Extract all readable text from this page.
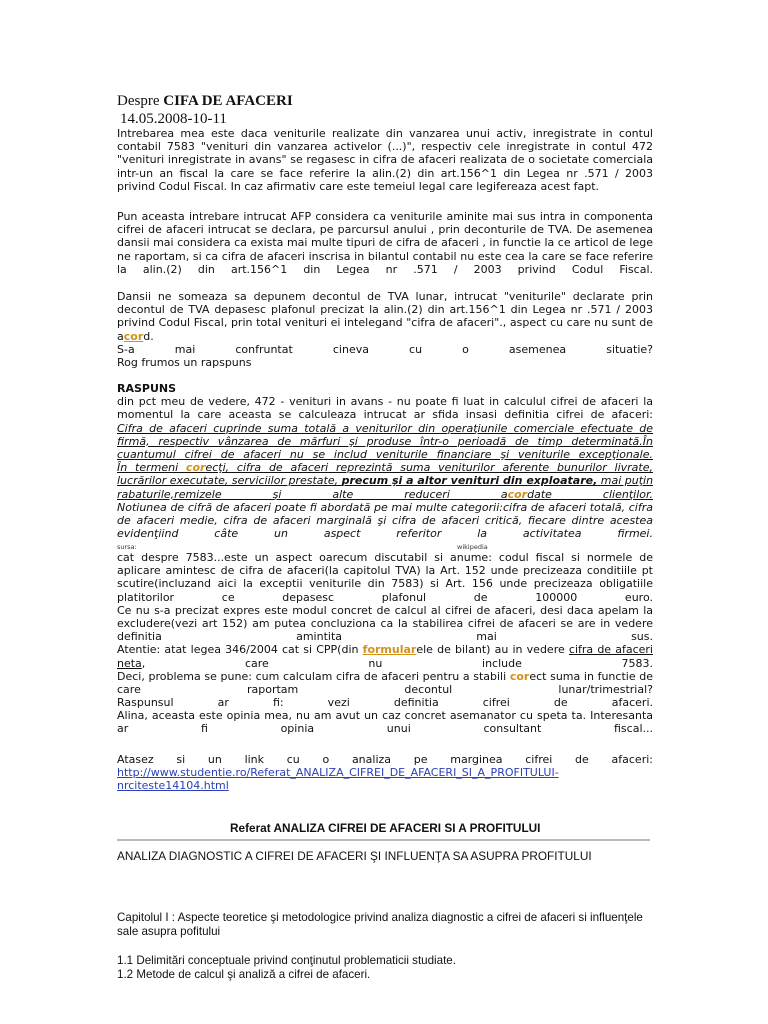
Despre CIFA DE AFACERI
14.05.2008-10-11
Intrebarea mea este daca veniturile realizate din vanzarea unui activ, inregistrate in contul
contabil 7583 "venituri din vanzarea activelor (...)", respectiv cele inregistrate in contul 472
"venituri inregistrate in avans" se regasesc in cifra de afaceri realizata de o societate comerciala
intr-un an fiscal la care se face referire la alin.(2) din art.156^1 din Legea nr .571 / 2003
privind Codul Fiscal. In caz afirmativ care este temeiul legal care legifereaza acest fapt.
Pun aceasta intrebare intrucat AFP considera ca veniturile aminite mai sus intra in componenta
cifrei de afaceri intrucat se declara, pe parcursul anului , prin deconturile de TVA. De asemenea
dansii mai considera ca exista mai multe tipuri de cifra de afaceri , in functie la ce articol de lege
ne raportam, si ca cifra de afaceri inscrisa in bilantul contabil nu este cea la care se face referire
la alin.(2) din art.156^1 din Legea nr .571 / 2003 privind Codul Fiscal.
Dansii ne someaza sa depunem decontul de TVA lunar, intrucat "veniturile" declarate prin
decontul de TVA depasesc plafonul precizat la alin.(2) din art.156^1 din Legea nr .571 / 2003
privind Codul Fiscal, prin total venituri ei intelegand "cifra de afaceri"., aspect cu care nu sunt de
acord.
S-a mai confruntat cineva cu o asemenea situatie?
Rog frumos un rapspuns
RASPUNS
din pct meu de vedere, 472 - venituri in avans - nu poate fi luat in calculul cifrei de afaceri la
momentul la care aceasta se calculeaza intrucat ar sfida insasi definitia cifrei de afaceri:
Cifra de afaceri cuprinde suma totală a veniturilor din operaţiunile comerciale efectuate de
firmă, respectiv vânzarea de mărfuri şi produse într-o perioadă de timp determinată.În
cuantumul cifrei de afaceri nu se includ veniturile financiare şi veniturile excepţionale.
În termeni corecţi, cifra de afaceri reprezintă suma veniturilor aferente bunurilor livrate,
lucrărilor executate, serviciilor prestate, precum şi a altor venituri din exploatare, mai puţin
rabaturile,remizele şi alte reduceri acordate clienţilor.
Notiunea de cifră de afaceri poate fi abordată pe mai multe categorii:cifra de afaceri totală, cifra
de afaceri medie, cifra de afaceri marginală şi cifra de afaceri critică, fiecare dintre acestea
evidenţiind câte un aspect referitor la activitatea firmei.
sursa:	wikipedia
cat despre 7583...este un aspect oarecum discutabil si anume: codul fiscal si normele de
aplicare amintesc de cifra de afaceri(la capitolul TVA) la Art. 152 unde precizeaza conditiile pt
scutire(incluzand aici la exceptii veniturile din 7583) si Art. 156 unde precizeaza obligatiile
platitorilor ce depasesc plafonul de 100000 euro.
Ce nu s-a precizat expres este modul concret de calcul al cifrei de afaceri, desi daca apelam la
excludere(vezi art 152) am putea concluziona ca la stabilirea cifrei de afaceri se are in vedere
definitia amintita mai sus.
Atentie: atat legea 346/2004 cat si CPP(din formularele de bilant) au in vedere cifra de afaceri
neta, care nu include 7583.
Deci, problema se pune: cum calculam cifra de afaceri pentru a stabili corect suma in functie de
care raportam decontul lunar/trimestrial?
Raspunsul ar fi: vezi definitia cifrei de afaceri.
Alina, aceasta este opinia mea, nu am avut un caz concret asemanator cu speta ta. Interesanta
ar fi opinia unui consultant fiscal...
Atasez si un link cu o analiza pe marginea cifrei de afaceri:
http://www.studentie.ro/Referat_ANALIZA_CIFREI_DE_AFACERI_SI_A_PROFITULUI-
nrciteste14104.html
Referat ANALIZA CIFREI DE AFACERI SI A PROFITULUI
ANALIZA DIAGNOSTIC A CIFREI DE AFACERI ŞI INFLUENŢA SA ASUPRA PROFITULUI
Capitolul I : Aspecte teoretice şi metodologice privind analiza diagnostic a cifrei de afaceri si influenţele
sale asupra pofitului
1.1 Delimitări conceptuale privind conţinutul problematicii studiate.
1.2 Metode de calcul şi analiză a cifrei de afaceri.
